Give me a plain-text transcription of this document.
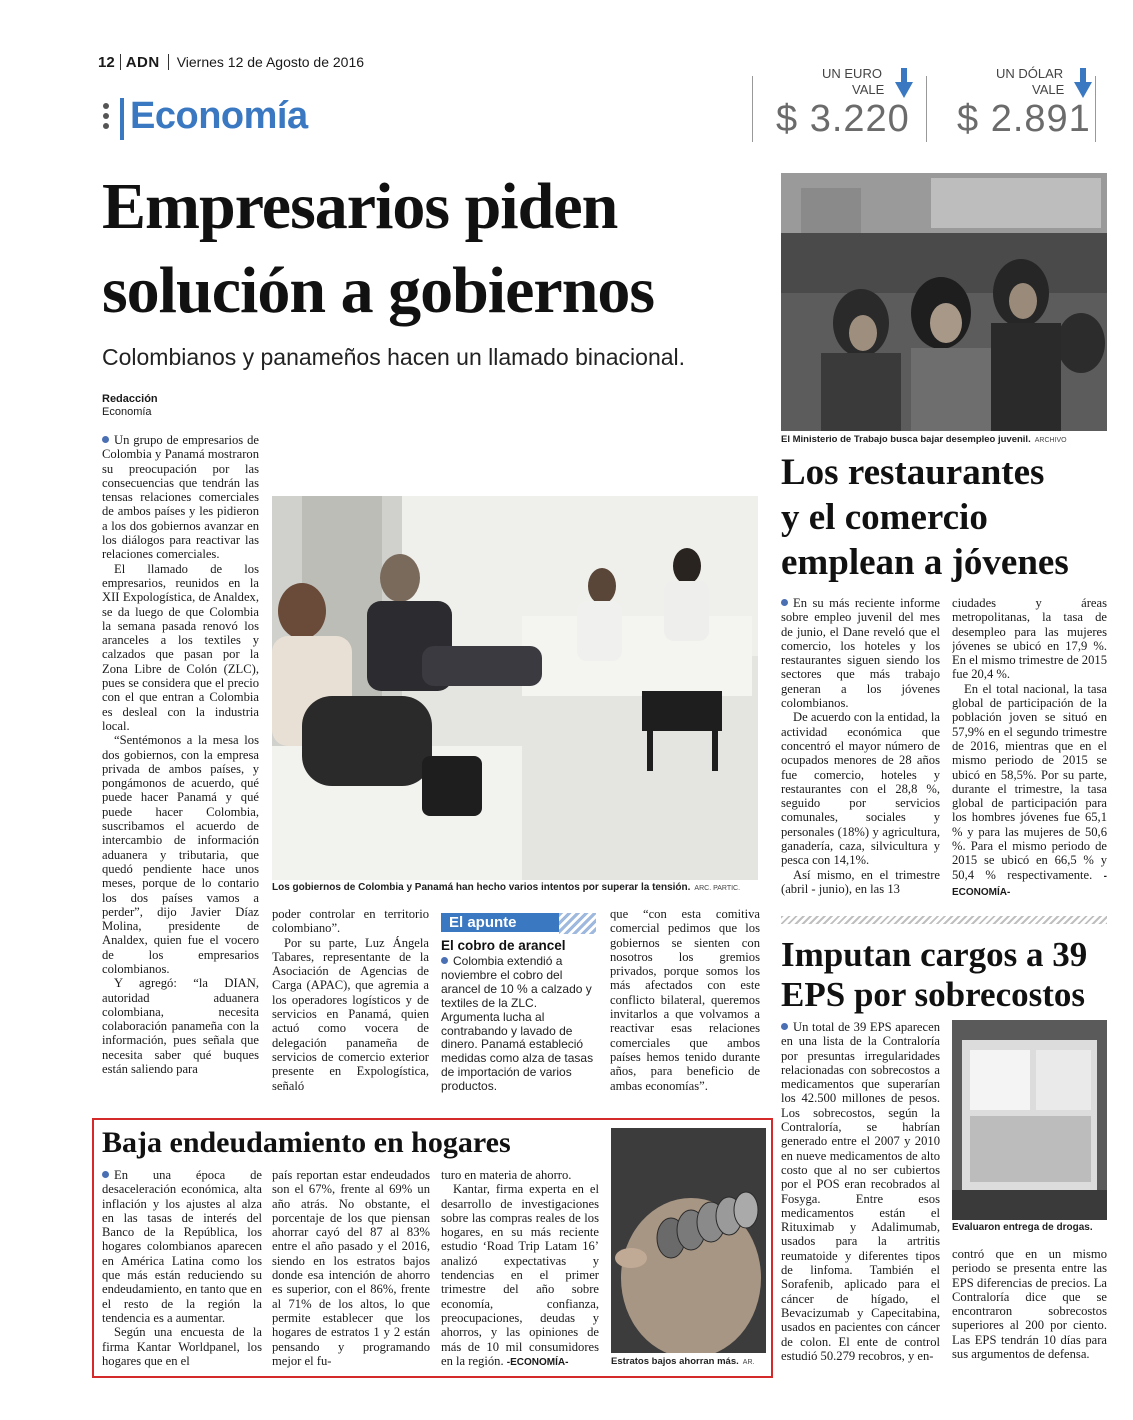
12 ADN Viernes 12 de Agosto de 2016
Economía
UN EURO
VALE
$ 3.220
UN DÓLAR
VALE
$ 2.891
Empresarios piden
solución a gobiernos
Colombianos y panameños hacen un llamado binacional.
Redacción
Economía

Un grupo de empresarios de Colombia y Panamá mostraron su preocupación por las consecuencias que tendrán las tensas relaciones comerciales de ambos países y les pidieron a los dos gobiernos avanzar en los diálogos para reactivar las relaciones comerciales.

El llamado de los empresarios, reunidos en la XII Expologística, de Analdex, se da luego de que Colombia la semana pasada renovó los aranceles a los textiles y calzados que pasan por la Zona Libre de Colón (ZLC), pues se considera que el precio con el que entran a Colombia es desleal con la industria local.

“Sentémonos a la mesa los dos gobiernos, con la empresa privada de ambos países, y pongámonos de acuerdo, qué puede hacer Panamá y qué puede hacer Colombia, suscribamos el acuerdo de intercambio de información aduanera y tributaria, que quedó pendiente hace unos meses, porque de lo contario los dos países vamos a perder”, dijo Javier Díaz Molina, presidente de Analdex, quien fue el vocero de los empresarios colombianos.

Y agregó: “la DIAN, autoridad aduanera colombiana, necesita colaboración panameña con la información, pues señala que necesita saber qué buques están saliendo para

Los gobiernos de Colombia y Panamá han hecho varios intentos por superar la tensión. ARC. PARTIC.

poder controlar en territorio colombiano”.

Por su parte, Luz Ángela Tabares, representante de la Asociación de Agencias de Carga (APAC), que agremia a los operadores logísticos y de servicios en Panamá, quien actuó como vocera de delegación panameña de servicios de comercio exterior presente en Expologística, señaló

El apunte
El cobro de arancel
Colombia extendió a noviembre el cobro del arancel de 10 % a calzado y textiles de la ZLC. Argumenta lucha al contrabando y lavado de dinero. Panamá estableció medidas como alza de tasas de importación de varios productos.

que “con esta comitiva comercial pedimos que los gobiernos se sienten con nosotros los gremios privados, porque somos los más afectados con este conflicto bilateral, queremos invitarlos a que volvamos a reactivar esas relaciones comerciales que ambos países hemos tenido durante años, para beneficio de ambas economías”.

El Ministerio de Trabajo busca bajar desempleo juvenil. ARCHIVO
Los restaurantes
y el comercio
emplean a jóvenes

En su más reciente informe sobre empleo juvenil del mes de junio, el Dane reveló que el comercio, los hoteles y los restaurantes siguen siendo los sectores que más trabajo generan a los jóvenes colombianos.

De acuerdo con la entidad, la actividad económica que concentró el mayor número de ocupados menores de 28 años fue comercio, hoteles y restaurantes con el 28,8 %, seguido por servicios comunales, sociales y personales (18%) y agricultura, ganadería, caza, silvicultura y pesca con 14,1%.

Así mismo, en el trimestre (abril - junio), en las 13

ciudades y áreas metropolitanas, la tasa de desempleo para las mujeres jóvenes se ubicó en 17,9 %. En el mismo trimestre de 2015 fue 20,4 %.

En el total nacional, la tasa global de participación de la población joven se situó en 57,9% en el segundo trimestre de 2016, mientras que en el mismo periodo de 2015 se ubicó en 58,5%. Por su parte, durante el trimestre, la tasa global de participación para los hombres jóvenes fue 65,1 % y para las mujeres de 50,6 %. Para el mismo periodo de 2015 se ubicó en 66,5 % y 50,4 % respectivamente. -ECONOMÍA-

Imputan cargos a 39
EPS por sobrecostos

Un total de 39 EPS aparecen en una lista de la Contraloría por presuntas irregularidades relacionadas con sobrecostos a medicamentos que superarían los 42.500 millones de pesos. Los sobrecostos, según la Contraloría, se habrían generado entre el 2007 y 2010 en nueve medicamentos de alto costo que al no ser cubiertos por el POS eran recobrados al Fosyga. Entre esos medicamentos están el Rituximab y Adalimumab, usados para la artritis reumatoide y diferentes tipos de linfoma. También el Sorafenib, aplicado para el cáncer de hígado, el Bevacizumab y Capecitabina, usados en pacientes con cáncer de colon. El ente de control estudió 50.279 recobros, y en-

Evaluaron entrega de drogas.

contró que en un mismo periodo se presenta entre las EPS diferencias de precios. La Contraloría dice que se encontraron sobrecostos superiores al 200 por ciento. Las EPS tendrán 10 días para sus argumentos de defensa.

Baja endeudamiento en hogares

En una época de desaceleración económica, alta inflación y los ajustes al alza en las tasas de interés del Banco de la República, los hogares colombianos aparecen en América Latina como los que más están reduciendo su endeudamiento, en tanto que en el resto de la región la tendencia es a aumentar.

Según una encuesta de la firma Kantar Worldpanel, los hogares que en el

país reportan estar endeudados son el 67%, frente al 69% un año atrás. No obstante, el porcentaje de los que piensan ahorrar cayó del 87 al 83% entre el año pasado y el 2016, siendo en los estratos bajos donde esa intención de ahorro es superior, con el 86%, frente al 71% de los altos, lo que permite establecer que los hogares de estratos 1 y 2 están pensando y programando mejor el fu-

turo en materia de ahorro.

Kantar, firma experta en el desarrollo de investigaciones sobre las compras reales de los hogares, en su más reciente estudio ‘Road Trip Latam 16’ analizó expectativas y tendencias en el primer trimestre del año sobre economía, confianza, preocupaciones, deudas y ahorros, y las opiniones de más de 10 mil consumidores en la región. -ECONOMÍA-	Estratos bajos ahorran más. AR.
